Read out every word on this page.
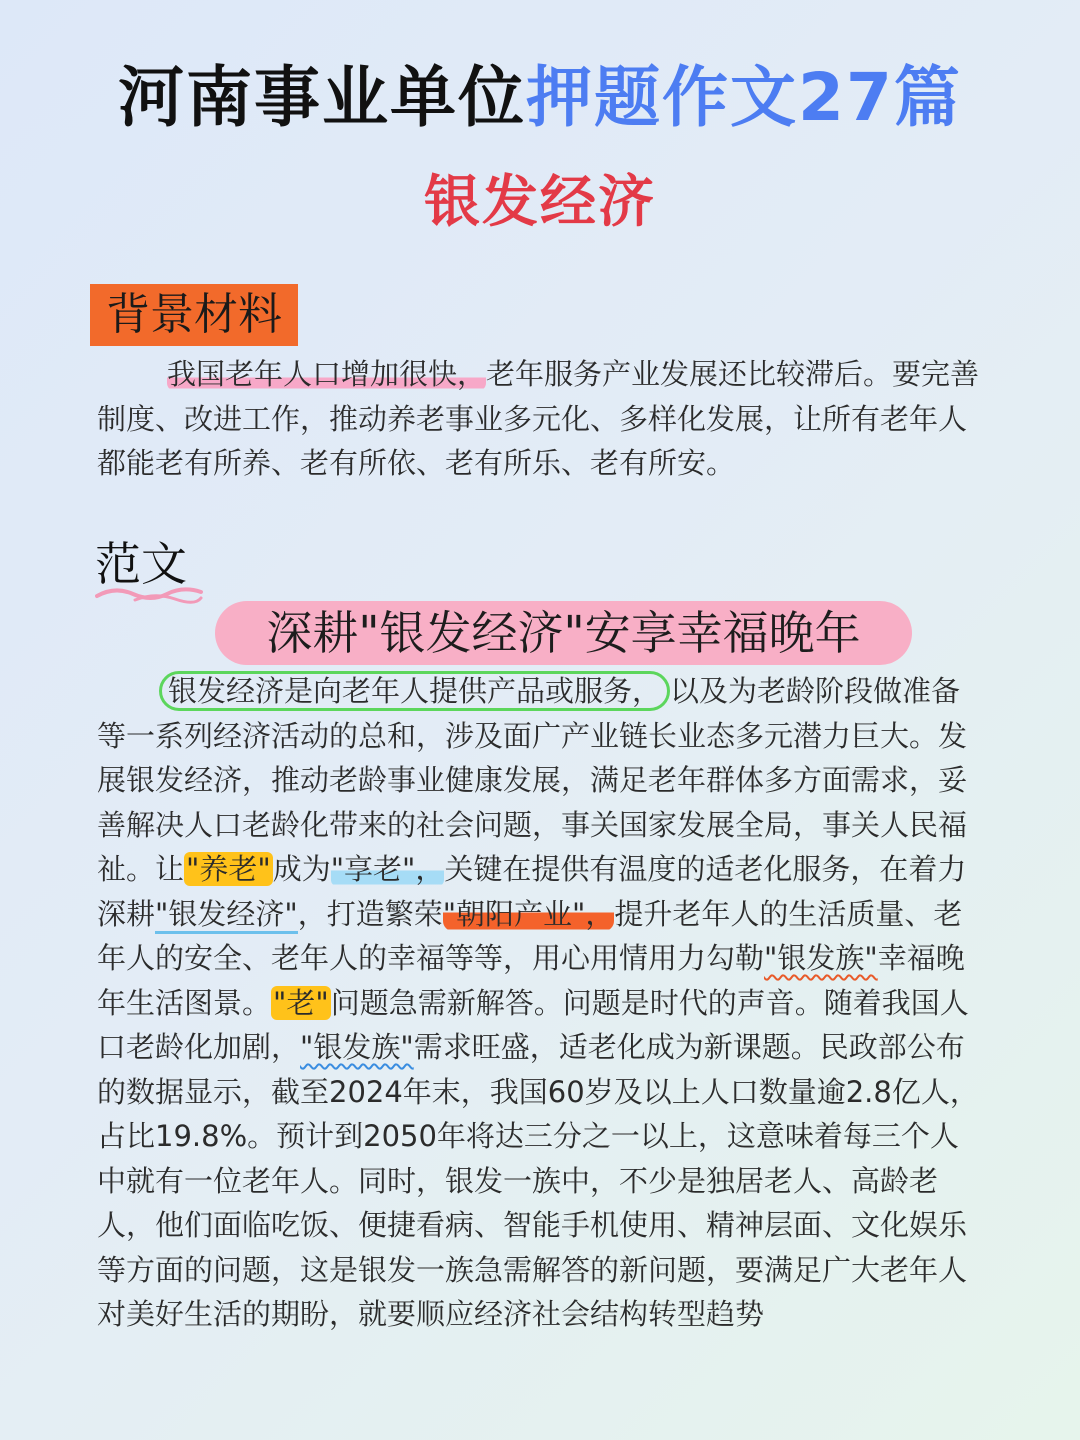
河南事业单位押题作文27篇
银发经济
背景材料

我国老年人口增加很快，老年服务产业发展还比较滞后。要完善制度、改进工作，推动养老事业多元化、多样化发展，让所有老年人都能老有所养、老有所依、老有所乐、老有所安。

范文
深耕"银发经济"安享幸福晚年

银发经济是向老年人提供产品或服务， 以及为老龄阶段做准备等一系列经济活动的总和，涉及面广产业链长业态多元潜力巨大。发展银发经济，推动老龄事业健康发展，满足老年群体多方面需求，妥善解决人口老龄化带来的社会问题，事关国家发展全局，事关人民福祉。让"养老"成为"享老"，关键在提供有温度的适老化服务，在着力深耕"银发经济"，打造繁荣"朝阳产业"，提升老年人的生活质量、老年人的安全、老年人的幸福等等，用心用情用力勾勒"银发族"幸福晚年生活图景。"老"问题急需新解答。问题是时代的声音。随着我国人口老龄化加剧，"银发族"需求旺盛，适老化成为新课题。民政部公布的数据显示，截至2024年末，我国60岁及以上人口数量逾2.8亿人，占比19.8%。预计到2050年将达三分之一以上，这意味着每三个人中就有一位老年人。同时，银发一族中，不少是独居老人、高龄老人，他们面临吃饭、便捷看病、智能手机使用、精神层面、文化娱乐等方面的问题，这是银发一族急需解答的新问题，要满足广大老年人对美好生活的期盼，就要顺应经济社会结构转型趋势
